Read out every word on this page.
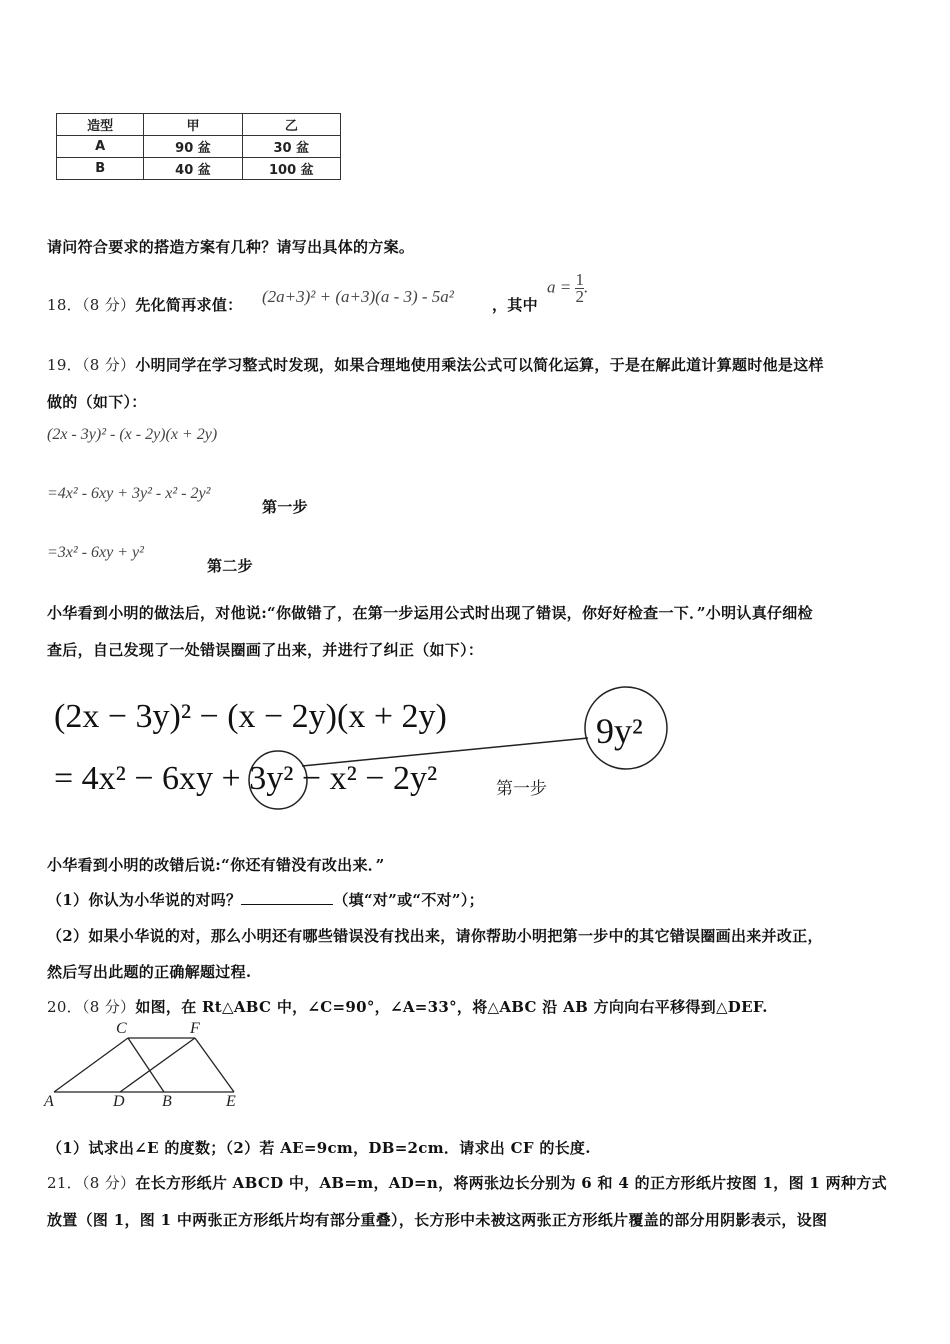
造型	甲	乙
A	90 盆	30 盆
B	40 盆	100 盆
请问符合要求的搭造方案有几种？请写出具体的方案。
18．（8 分）先化简再求值： (2a+3)² + (a+3)(a - 3) - 5a²	，其中
$a = \frac{1}{2}$ .
19．（8 分）小明同学在学习整式时发现，如果合理地使用乘法公式可以简化运算，于是在解此道计算题时他是这样
做的（如下）：
(2x - 3y)² - (x - 2y)(x + 2y)
=4x² - 6xy + 3y² - x² - 2y²
第一步
=3x² - 6xy + y²
第二步
小华看到小明的做法后，对他说:“你做错了，在第一步运用公式时出现了错误，你好好检查一下．”小明认真仔细检
查后，自己发现了一处错误圈画了出来，并进行了纠正（如下）：
(2x − 3y)² − (x − 2y)(x + 2y)
= 4x² − 6xy + 3y² − x² − 2y²	第一步
9y²
小华看到小明的改错后说:“你还有错没有改出来．”
（1）你认为小华说的对吗？	（填“对”或“不对”）；
（2）如果小华说的对，那么小明还有哪些错误没有找出来，请你帮助小明把第一步中的其它错误圈画出来并改正，
然后写出此题的正确解题过程.
20．（8 分）如图，在 Rt△ABC 中，∠C=90°，∠A=33°，将△ABC 沿 AB 方向向右平移得到△DEF.
C	F
A	D B	E
（1）试求出∠E 的度数；（2）若 AE=9cm，DB=2cm．请求出 CF 的长度.
21．（8 分）在长方形纸片 ABCD 中，AB=m，AD=n，将两张边长分别为 6 和 4 的正方形纸片按图 1，图 1 两种方式
放置（图 1，图 1 中两张正方形纸片均有部分重叠），长方形中未被这两张正方形纸片覆盖的部分用阴影表示，设图
